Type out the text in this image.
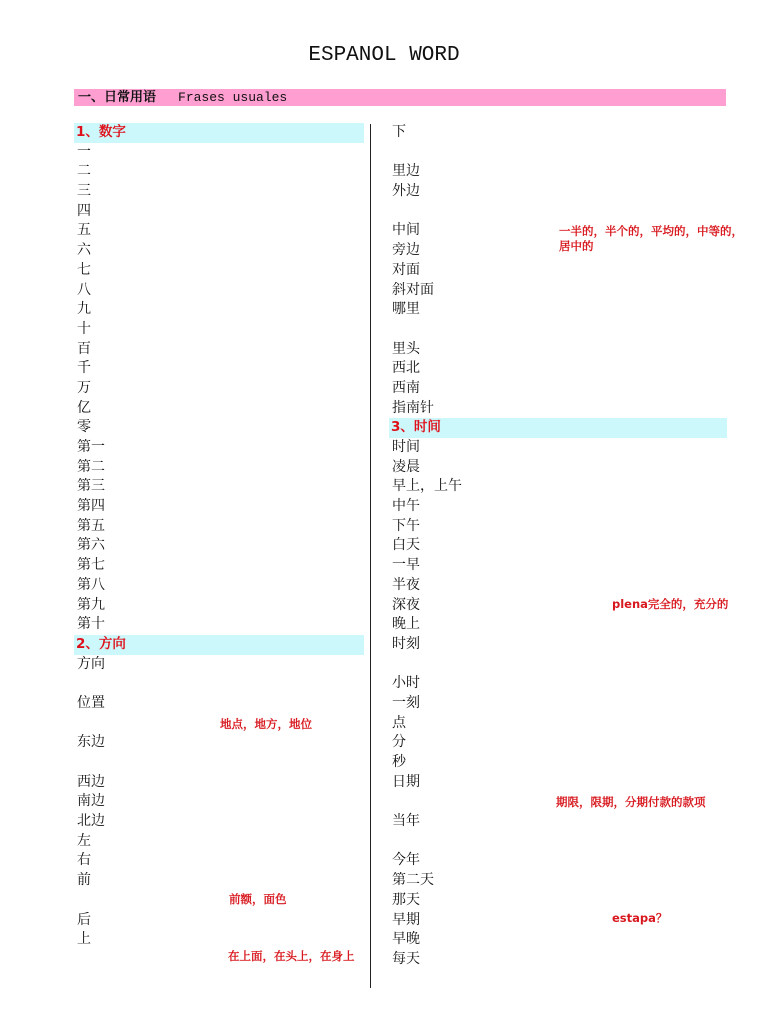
ESPANOL WORD
一、日常用语 Frases usuales
1、数字
一
二
三
四
五
六
七
八
九
十
百
千
万
亿
零
第一
第二
第三
第四
第五
第六
第七
第八
第九
第十
2、方向
方向
位置
东边
西边
南边
北边
左
右
前
后
上
下
里边
外边
中间
旁边
对面
斜对面
哪里
里头
西北
西南
指南针
3、时间
时间
凌晨
早上，上午
中午
下午
白天
一早
半夜
深夜
晚上
时刻
小时
一刻
点
分
秒
日期
当年
今年
第二天
那天
早期
早晚
每天
一半的，半个的，平均的，中等的，居中的
plena完全的，充分的
地点，地方，地位
期限，限期，分期付款的款项
前额，面色
estapa？
在上面，在头上，在身上
